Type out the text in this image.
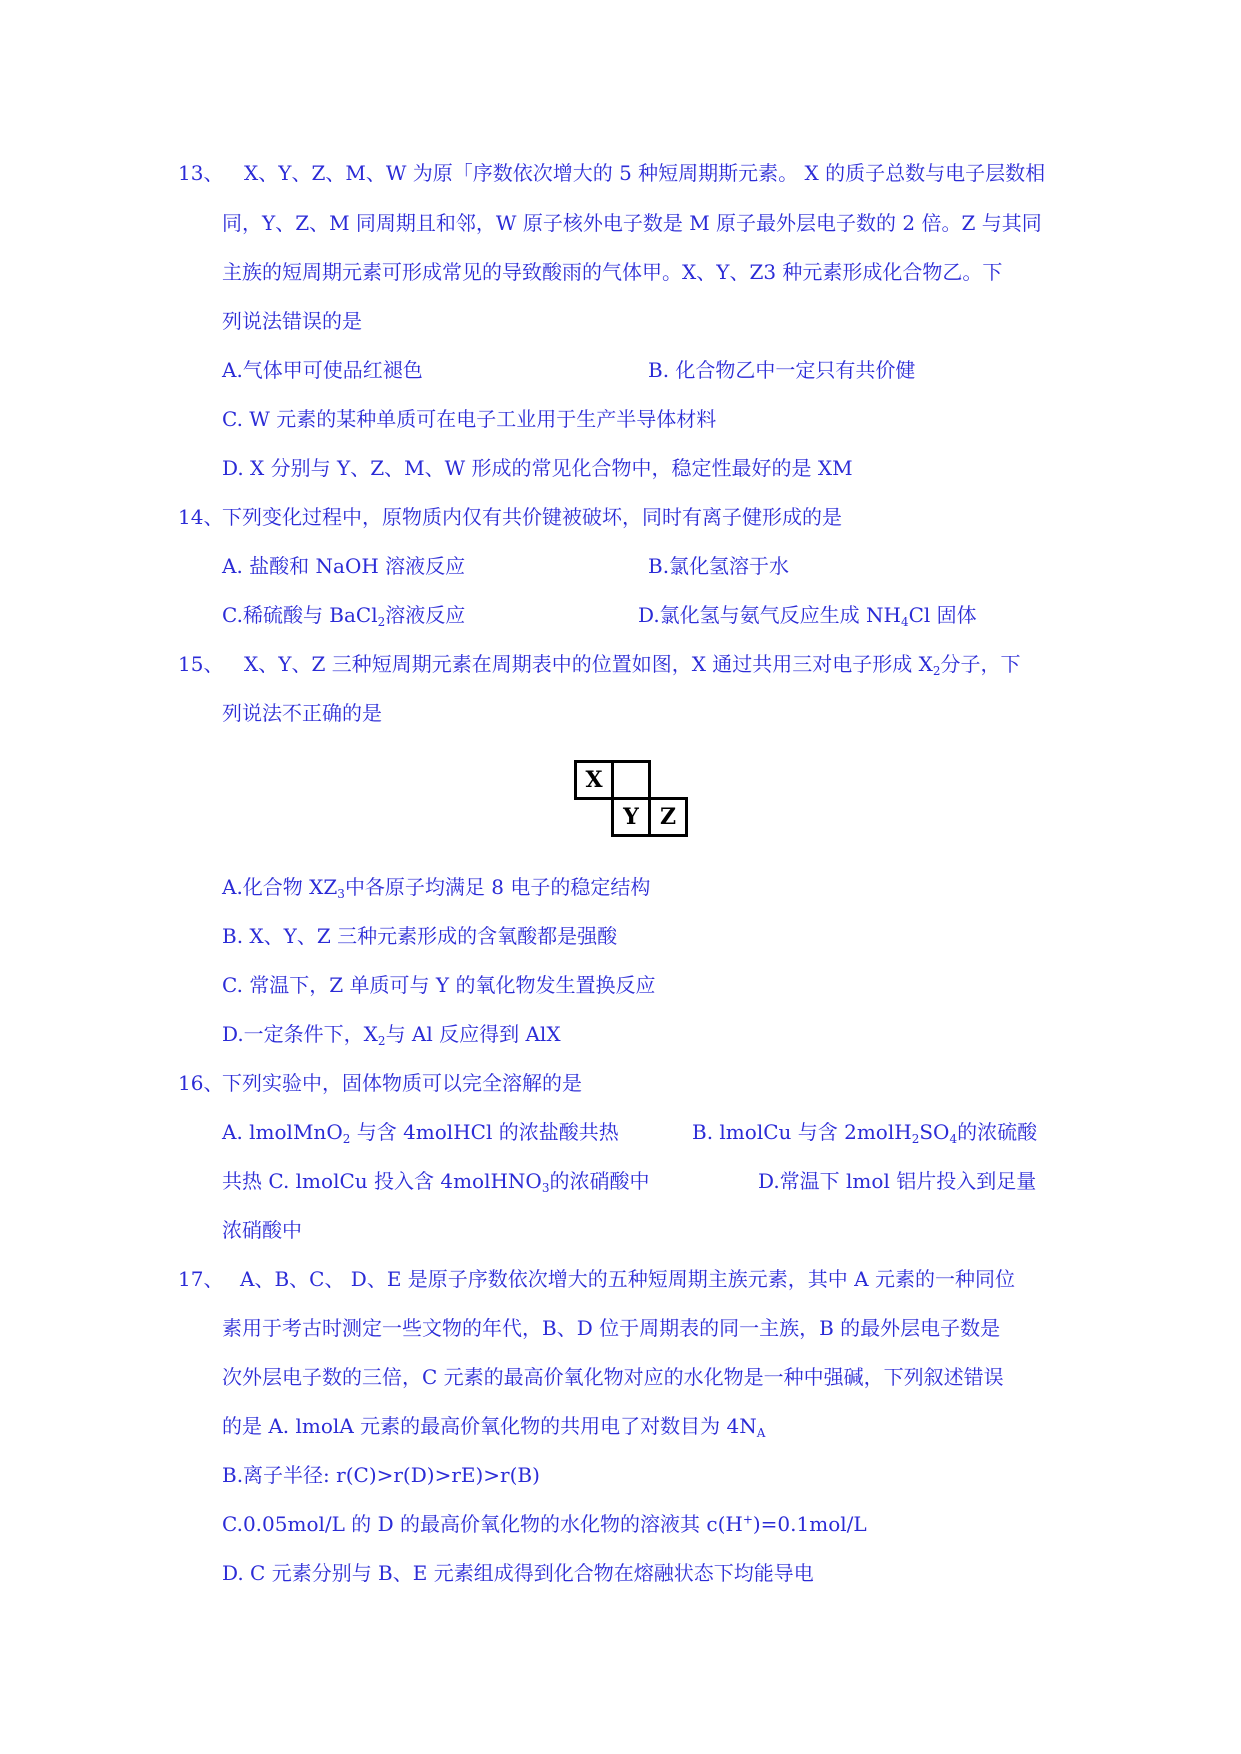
13、 X、Y、Z、M、W 为原「序数依次增大的 5 种短周期斯元素。 X 的质子总数与电子层数相
同，Y、Z、M 同周期且和邻，W 原子核外电子数是 M 原子最外层电子数的 2 倍。Z 与其同
主族的短周期元素可形成常见的导致酸雨的气体甲。X、Y、Z3 种元素形成化合物乙。下
列说法错误的是
A.气体甲可使品红褪色	B. 化合物乙中一定只有共价健
C. W 元素的某种单质可在电子工业用于生产半导体材料
D. X 分别与 Y、Z、M、W 形成的常见化合物中，稳定性最好的是 XM
14、
下列变化过程中，原物质内仅有共价键被破坏，同时有离子健形成的是
A. 盐酸和 NaOH 溶液反应	B.氯化氢溶于水
C.稀硫酸与 BaCl$_2$溶液反应	D.氯化氢与氨气反应生成 $NH_4Cl$ 固体
15、 X、Y、Z 三种短周期元素在周期表中的位置如图，X 通过共用三对电子形成 $X_2$分子，下
列说法不正确的是
X
Y Z
A.化合物 $XZ_3$中各原子均满足 8 电子的稳定结构
B. X、Y、Z 三种元素形成的含氧酸都是强酸
C. 常温下，Z 单质可与 Y 的氧化物发生置换反应
D.一定条件下，$X_2$与 Al 反应得到 AlX
16、
下列实验中，固体物质可以完全溶解的是
A. lmolMnO$_2$ 与含 4molHCl 的浓盐酸共热	B. lmolCu 与含 $2molH_2SO_4$的浓硫酸
共热 C. lmolCu 投入含 4molHNO$_3$的浓硝酸中	D.常温下 lmol 铝片投入到足量
浓硝酸中
17、 A、B、C、 D、E 是原子序数依次增大的五种短周期主族元素，其中 A 元素的一种同位
素用于考古时测定一些文物的年代，B、D 位于周期表的同一主族，B 的最外层电子数是
次外层电子数的三倍，C 元素的最高价氧化物对应的水化物是一种中强碱，下列叙述错误
的是 A. lmolA 元素的最高价氧化物的共用电了对数目为 $4N_A$
B.离子半径: r(C)>r(D)>rE)>r(B)
C.0.05mol/L 的 D 的最高价氧化物的水化物的溶液其 c(H+)=0.1mol/L
D. C 元素分别与 B、E 元素组成得到化合物在熔融状态下均能导电
